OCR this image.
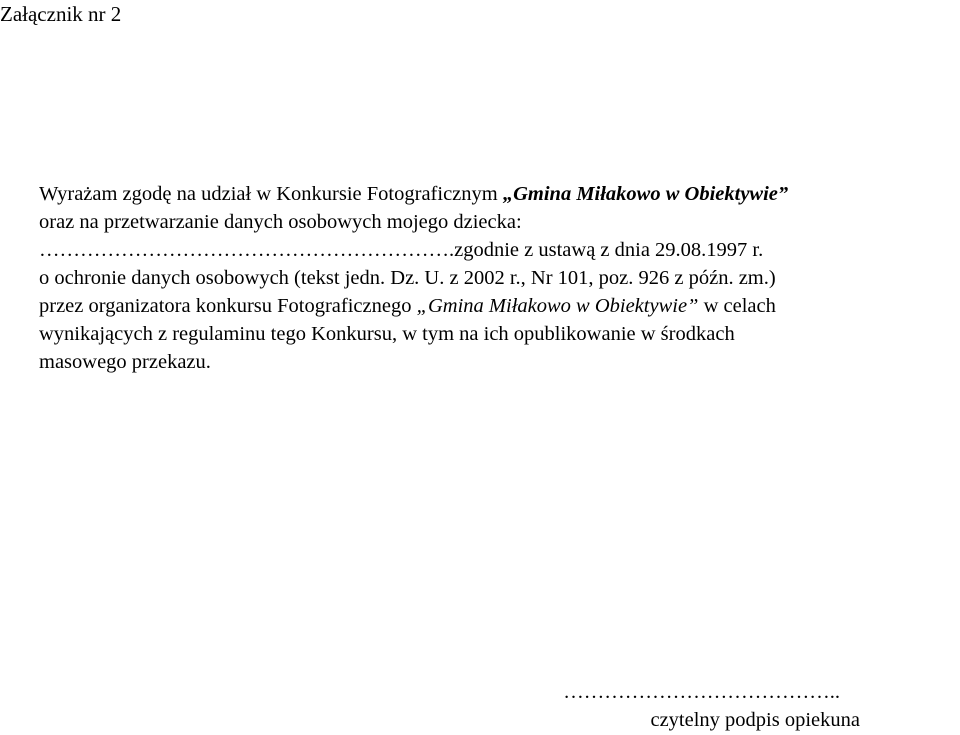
Załącznik nr 2
Wyrażam zgodę na udział w Konkursie Fotograficznym „Gmina Miłakowo w Obiektywie”
oraz na przetwarzanie danych osobowych mojego dziecka:
…………………………………………………….zgodnie z ustawą z dnia 29.08.1997 r.
o ochronie danych osobowych (tekst jedn. Dz. U. z 2002 r., Nr 101, poz. 926 z późn. zm.)
przez organizatora konkursu Fotograficznego „Gmina Miłakowo w Obiektywie” w celach
wynikających z regulaminu tego Konkursu, w tym na ich opublikowanie w środkach
masowego przekazu.
…………………………………..
czytelny podpis opiekuna
